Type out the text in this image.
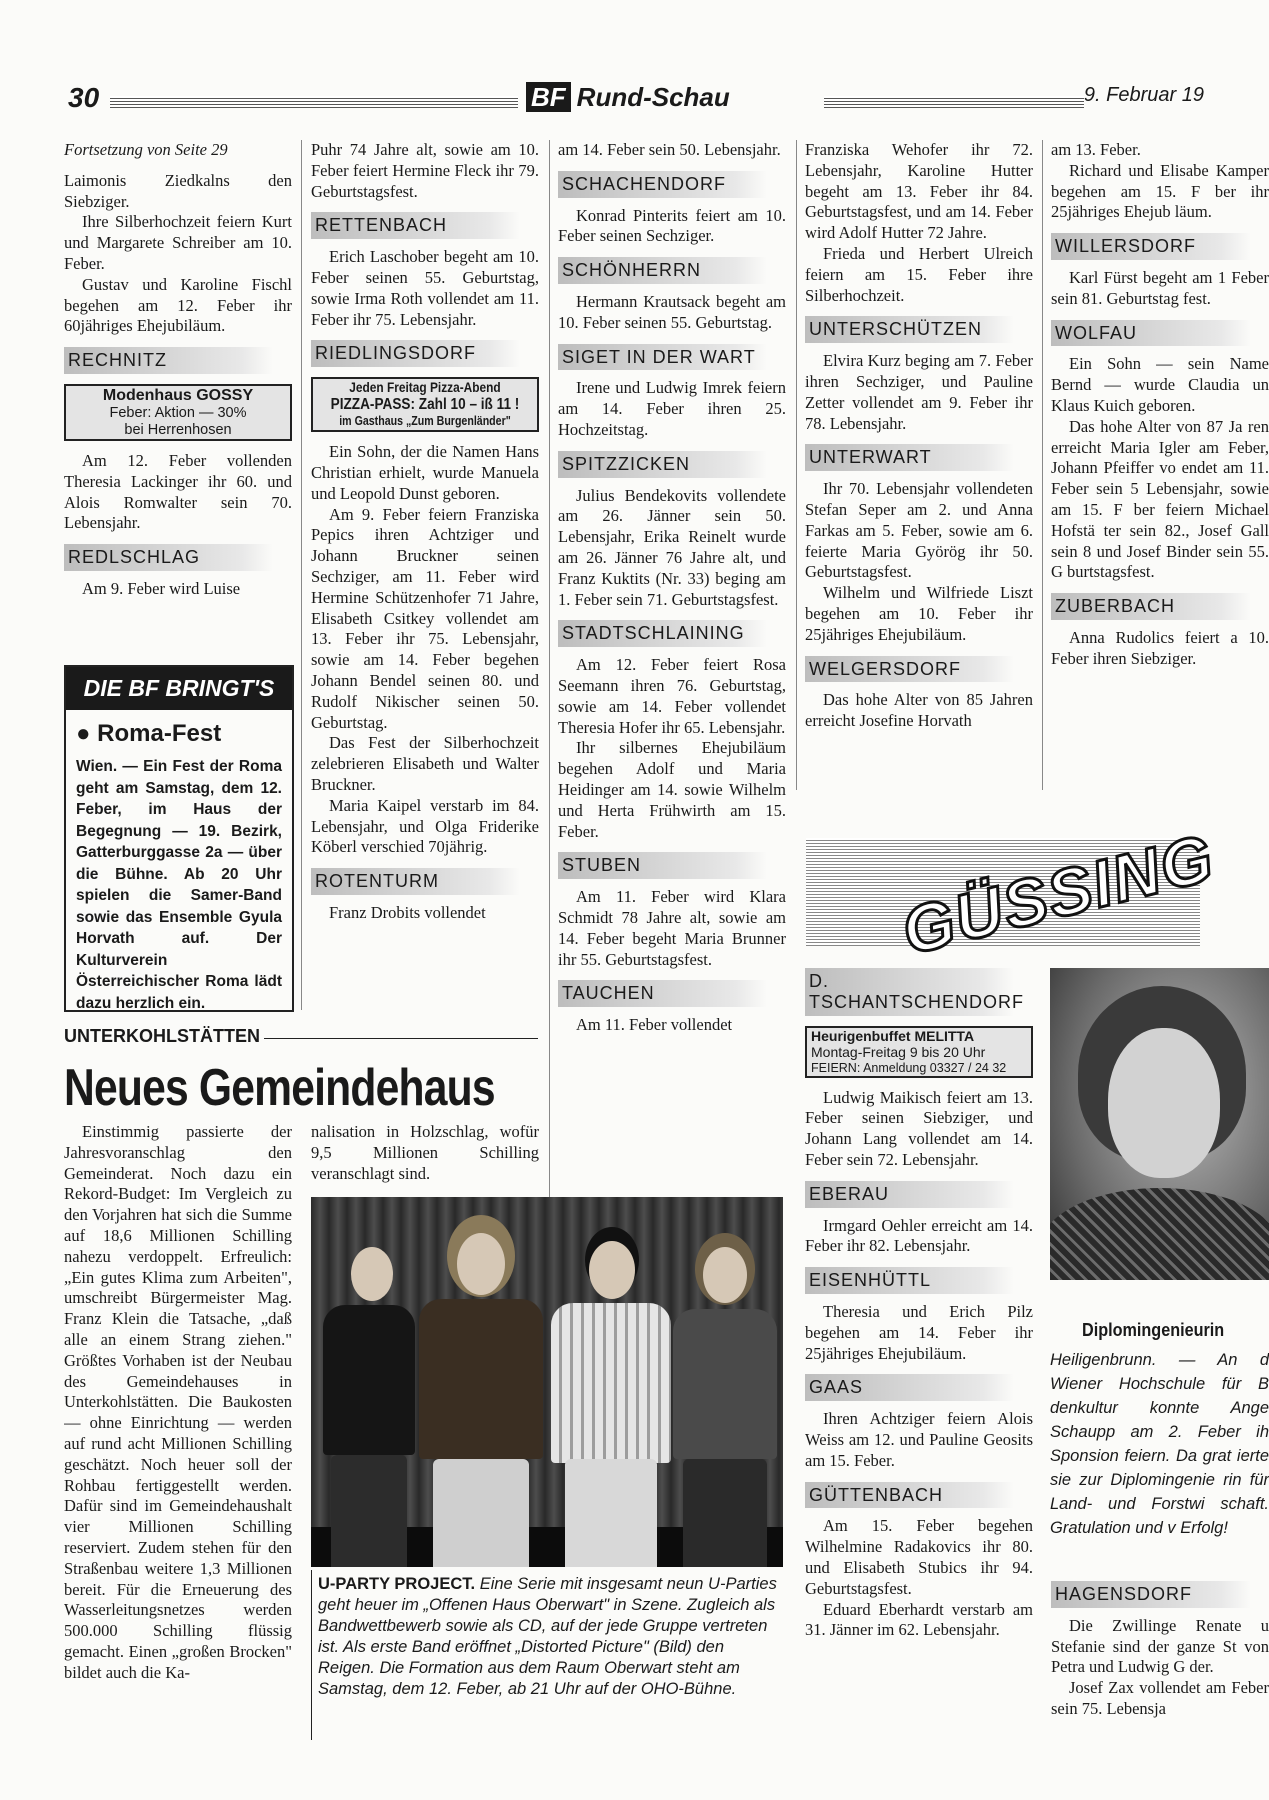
30	BF Rund-Schau	9. Februar 19

Fortsetzung von Seite 29

Laimonis Ziedkalns den Siebziger.

Ihre Silberhochzeit feiern Kurt und Margarete Schreiber am 10. Feber.

Gustav und Karoline Fischl begehen am 12. Feber ihr 60jähriges Ehejubiläum.

RECHNITZ
Modenhaus GOSSY
Feber: Aktion — 30%
bei Herrenhosen

Am 12. Feber vollenden Theresia Lackinger ihr 60. und Alois Romwalter sein 70. Lebensjahr.

REDLSCHLAG

Am 9. Feber wird Luise

DIE BF BRINGT'S
● Roma-Fest
Wien. — Ein Fest der Roma geht am Samstag, dem 12. Feber, im Haus der Begegnung — 19. Bezirk, Gatterburggasse 2a — über die Bühne. Ab 20 Uhr spielen die Samer-Band sowie das Ensemble Gyula Horvath auf. Der Kulturverein Österreichischer Roma lädt dazu herzlich ein.

Puhr 74 Jahre alt, sowie am 10. Feber feiert Hermine Fleck ihr 79. Geburtstagsfest.

RETTENBACH

Erich Laschober begeht am 10. Feber seinen 55. Geburtstag, sowie Irma Roth vollendet am 11. Feber ihr 75. Lebensjahr.

RIEDLINGSDORF
Jeden Freitag Pizza-Abend
PIZZA-PASS: Zahl 10 – iß 11 !
im Gasthaus „Zum Burgenländer"

Ein Sohn, der die Namen Hans Christian erhielt, wurde Manuela und Leopold Dunst geboren.

Am 9. Feber feiern Franziska Pepics ihren Achtziger und Johann Bruckner seinen Sechziger, am 11. Feber wird Hermine Schützenhofer 71 Jahre, Elisabeth Csitkey vollendet am 13. Feber ihr 75. Lebensjahr, sowie am 14. Feber begehen Johann Bendel seinen 80. und Rudolf Nikischer seinen 50. Geburtstag.

Das Fest der Silberhochzeit zelebrieren Elisabeth und Walter Bruckner.

Maria Kaipel verstarb im 84. Lebensjahr, und Olga Friderike Köberl verschied 70jährig.

ROTENTURM

Franz Drobits vollendet

am 14. Feber sein 50. Lebensjahr.

SCHACHENDORF

Konrad Pinterits feiert am 10. Feber seinen Sechziger.

SCHÖNHERRN

Hermann Krautsack begeht am 10. Feber seinen 55. Geburtstag.

SIGET IN DER WART

Irene und Ludwig Imrek feiern am 14. Feber ihren 25. Hochzeitstag.

SPITZZICKEN

Julius Bendekovits vollendete am 26. Jänner sein 50. Lebensjahr, Erika Reinelt wurde am 26. Jänner 76 Jahre alt, und Franz Kuktits (Nr. 33) beging am 1. Feber sein 71. Geburtstagsfest.

STADTSCHLAINING

Am 12. Feber feiert Rosa Seemann ihren 76. Geburtstag, sowie am 14. Feber vollendet Theresia Hofer ihr 65. Lebensjahr.

Ihr silbernes Ehejubiläum begehen Adolf und Maria Heidinger am 14. sowie Wilhelm und Herta Frühwirth am 15. Feber.

STUBEN

Am 11. Feber wird Klara Schmidt 78 Jahre alt, sowie am 14. Feber begeht Maria Brunner ihr 55. Geburtstagsfest.

TAUCHEN

Am 11. Feber vollendet

Franziska Wehofer ihr 72. Lebensjahr, Karoline Hutter begeht am 13. Feber ihr 84. Geburtstagsfest, und am 14. Feber wird Adolf Hutter 72 Jahre.

Frieda und Herbert Ulreich feiern am 15. Feber ihre Silberhochzeit.

UNTERSCHÜTZEN

Elvira Kurz beging am 7. Feber ihren Sechziger, und Pauline Zetter vollendet am 9. Feber ihr 78. Lebensjahr.

UNTERWART

Ihr 70. Lebensjahr vollendeten Stefan Seper am 2. und Anna Farkas am 5. Feber, sowie am 6. feierte Maria Györög ihr 50. Geburtstagsfest.

Wilhelm und Wilfriede Liszt begehen am 10. Feber ihr 25jähriges Ehejubiläum.

WELGERSDORF

Das hohe Alter von 85 Jahren erreicht Josefine Horvath

am 13. Feber.

Richard und Elisabe Kamper begehen am 15. F ber ihr 25jähriges Ehejub läum.

WILLERSDORF

Karl Fürst begeht am 1 Feber sein 81. Geburtstag fest.

WOLFAU

Ein Sohn — sein Name Bernd — wurde Claudia un Klaus Kuich geboren.

Das hohe Alter von 87 Ja ren erreicht Maria Igler am Feber, Johann Pfeiffer vo endet am 11. Feber sein 5 Lebensjahr, sowie am 15. F ber feiern Michael Hofstä ter sein 82., Josef Gall sein 8 und Josef Binder sein 55. G burtstagsfest.

ZUBERBACH

Anna Rudolics feiert a 10. Feber ihren Siebziger.

UNTERKOHLSTÄTTEN
Neues Gemeindehaus

Einstimmig passierte der Jahresvoranschlag den Gemeinderat. Noch dazu ein Rekord-Budget: Im Vergleich zu den Vorjahren hat sich die Summe auf 18,6 Millionen Schilling nahezu verdoppelt. Erfreulich: „Ein gutes Klima zum Arbeiten", umschreibt Bürgermeister Mag. Franz Klein die Tatsache, „daß alle an einem Strang ziehen." Größtes Vorhaben ist der Neubau des Gemeindehauses in Unterkohlstätten. Die Baukosten — ohne Einrichtung — werden auf rund acht Millionen Schilling geschätzt. Noch heuer soll der Rohbau fertiggestellt werden. Dafür sind im Gemeindehaushalt vier Millionen Schilling reserviert. Zudem stehen für den Straßenbau weitere 1,3 Millionen bereit. Für die Erneuerung des Wasserleitungsnetzes werden 500.000 Schilling flüssig gemacht. Einen „großen Brocken" bildet auch die Ka-

nalisation in Holzschlag, wofür 9,5 Millionen Schilling veranschlagt sind.

U-PARTY PROJECT. Eine Serie mit insgesamt neun U-Parties geht heuer im „Offenen Haus Oberwart" in Szene. Zugleich als Bandwettbewerb sowie als CD, auf der jede Gruppe vertreten ist. Als erste Band eröffnet „Distorted Picture" (Bild) den Reigen. Die Formation aus dem Raum Oberwart steht am Samstag, dem 12. Feber, ab 21 Uhr auf der OHO-Bühne.
GÜSSING
D. TSCHANTSCHENDORF
Heurigenbuffet MELITTA
Montag-Freitag 9 bis 20 Uhr
FEIERN: Anmeldung 03327 / 24 32

Ludwig Maikisch feiert am 13. Feber seinen Siebziger, und Johann Lang vollendet am 14. Feber sein 72. Lebensjahr.

EBERAU

Irmgard Oehler erreicht am 14. Feber ihr 82. Lebensjahr.

EISENHÜTTL

Theresia und Erich Pilz begehen am 14. Feber ihr 25jähriges Ehejubiläum.

GAAS

Ihren Achtziger feiern Alois Weiss am 12. und Pauline Geosits am 15. Feber.

GÜTTENBACH

Am 15. Feber begehen Wilhelmine Radakovics ihr 80. und Elisabeth Stubics ihr 94. Geburtstagsfest.

Eduard Eberhardt verstarb am 31. Jänner im 62. Lebensjahr.

Diplomingenieurin
Heiligenbrunn. — An d Wiener Hochschule für B denkultur konnte Ange Schaupp am 2. Feber ih Sponsion feiern. Da grat ierte sie zur Diplomingenie rin für Land- und Forstwi schaft. Gratulation und v Erfolg!
HAGENSDORF

Die Zwillinge Renate u Stefanie sind der ganze St von Petra und Ludwig G der.

Josef Zax vollendet am Feber sein 75. Lebensja
